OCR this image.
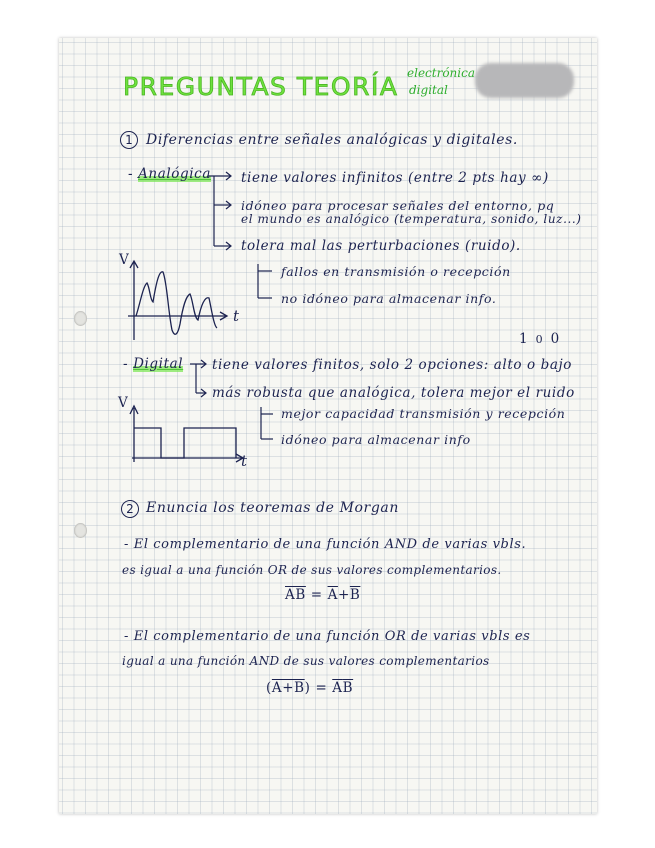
PREGUNTAS TEORÍA electrónica
digital
1 Diferencias entre señales analógicas y digitales.
- Analógica tiene valores infinitos (entre 2 pts hay ∞)
idóneo para procesar señales del entorno, pq
el mundo es analógico (temperatura, sonido, luz...)
tolera mal las perturbaciones (ruido).
fallos en transmisión o recepción
no idóneo para almacenar info.
V
t
100
- Digital tiene valores finitos, solo 2 opciones: alto o bajo
más robusta que analógica, tolera mejor el ruido
mejor capacidad transmisión y recepción
idóneo para almacenar info
V
t
2 Enuncia los teoremas de Morgan
- El complementario de una función AND de varias vbls.
es igual a una función OR de sus valores complementarios.
$\overline{AB} = \overline{A}+\overline{B}$
- El complementario de una función OR de varias vbls es
igual a una función AND de sus valores complementarios
$(A+B) = \overline{A}\overline{B}$
